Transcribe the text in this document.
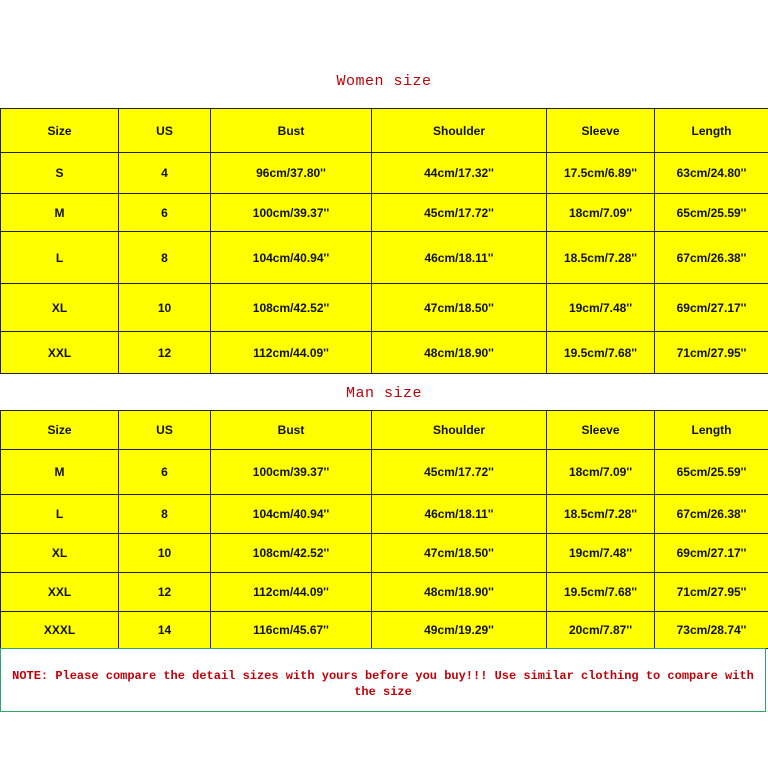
Women size
Size	US	Bust	Shoulder	Sleeve	Length
S	4	96cm/37.80''	44cm/17.32''	17.5cm/6.89''	63cm/24.80''
M	6	100cm/39.37''	45cm/17.72''	18cm/7.09''	65cm/25.59''
L	8	104cm/40.94''	46cm/18.11''	18.5cm/7.28''	67cm/26.38''
XL	10	108cm/42.52''	47cm/18.50''	19cm/7.48''	69cm/27.17''
XXL	12	112cm/44.09''	48cm/18.90''	19.5cm/7.68''	71cm/27.95''
Man size
Size	US	Bust	Shoulder	Sleeve	Length
M	6	100cm/39.37''	45cm/17.72''	18cm/7.09''	65cm/25.59''
L	8	104cm/40.94''	46cm/18.11''	18.5cm/7.28''	67cm/26.38''
XL	10	108cm/42.52''	47cm/18.50''	19cm/7.48''	69cm/27.17''
XXL	12	112cm/44.09''	48cm/18.90''	19.5cm/7.68''	71cm/27.95''
XXXL	14	116cm/45.67''	49cm/19.29''	20cm/7.87''	73cm/28.74''
NOTE: Please compare the detail sizes with yours before you buy!!! Use similar clothing to compare with the size
